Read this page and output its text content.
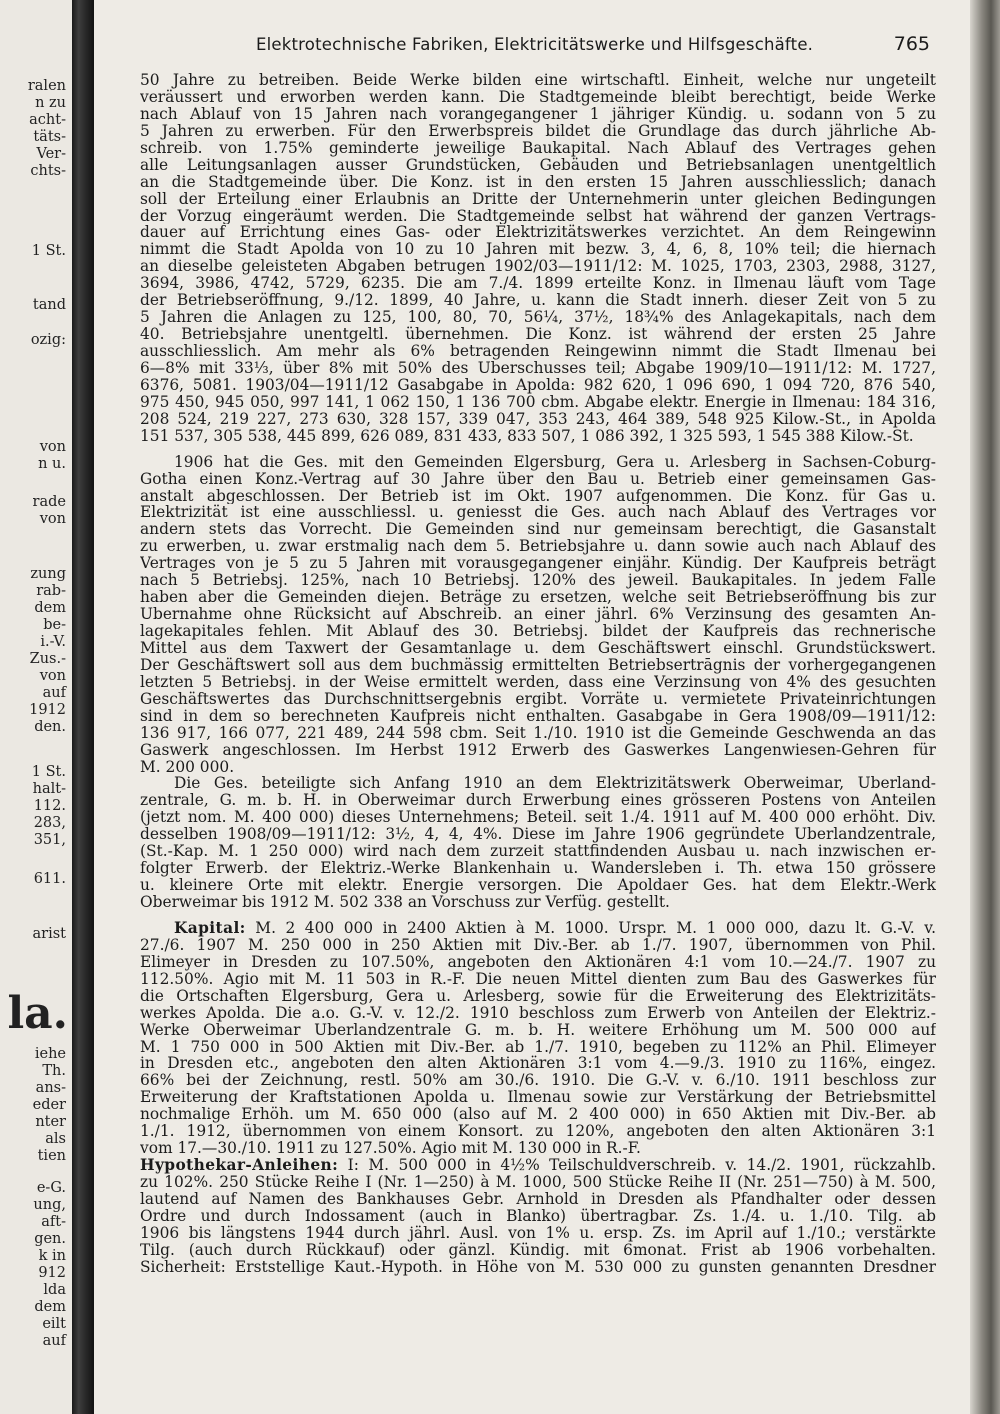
ralen
n zu
acht-
täts-
Ver-
chts-
1 St.
tand
ozig:
von
n u.
rade
von
zung
rab-
dem
be-
i.-V.
Zus.-
von
auf
1912
den.
1 St.
halt-
112.
283,
351,
611.
arist
la.
iehe
Th.
ans-
eder
nter
als
tien
e-G.
ung,
aft-
gen.
k in
912
lda
dem
eilt
auf
Elektrotechnische Fabriken, Elektricitätswerke und Hilfsgeschäfte.	765
50 Jahre zu betreiben. Beide Werke bilden eine wirtschaftl. Einheit, welche nur ungeteilt
veräussert und erworben werden kann. Die Stadtgemeinde bleibt berechtigt, beide Werke
nach Ablauf von 15 Jahren nach vorangegangener 1 jähriger Kündig. u. sodann von 5 zu
5 Jahren zu erwerben. Für den Erwerbspreis bildet die Grundlage das durch jährliche Ab-
schreib. von 1.75% geminderte jeweilige Baukapital. Nach Ablauf des Vertrages gehen
alle Leitungsanlagen ausser Grundstücken, Gebäuden und Betriebsanlagen unentgeltlich
an die Stadtgemeinde über. Die Konz. ist in den ersten 15 Jahren ausschliesslich; danach
soll der Erteilung einer Erlaubnis an Dritte der Unternehmerin unter gleichen Bedingungen
der Vorzug eingeräumt werden. Die Stadtgemeinde selbst hat während der ganzen Vertrags-
dauer auf Errichtung eines Gas- oder Elektrizitätswerkes verzichtet. An dem Reingewinn
nimmt die Stadt Apolda von 10 zu 10 Jahren mit bezw. 3, 4, 6, 8, 10% teil; die hiernach
an dieselbe geleisteten Abgaben betrugen 1902/03—1911/12: M. 1025, 1703, 2303, 2988, 3127,
3694, 3986, 4742, 5729, 6235. Die am 7./4. 1899 erteilte Konz. in Ilmenau läuft vom Tage
der Betriebseröffnung, 9./12. 1899, 40 Jahre, u. kann die Stadt innerh. dieser Zeit von 5 zu
5 Jahren die Anlagen zu 125, 100, 80, 70, 56¼, 37½, 18¾% des Anlagekapitals, nach dem
40. Betriebsjahre unentgeltl. übernehmen. Die Konz. ist während der ersten 25 Jahre
ausschliesslich. Am mehr als 6% betragenden Reingewinn nimmt die Stadt Ilmenau bei
6—8% mit 33⅓, über 8% mit 50% des Überschusses teil; Abgabe 1909/10—1911/12: M. 1727,
6376, 5081. 1903/04—1911/12 Gasabgabe in Apolda: 982 620, 1 096 690, 1 094 720, 876 540,
975 450, 945 050, 997 141, 1 062 150, 1 136 700 cbm. Abgabe elektr. Energie in Ilmenau: 184 316,
208 524, 219 227, 273 630, 328 157, 339 047, 353 243, 464 389, 548 925 Kilow.-St., in Apolda
151 537, 305 538, 445 899, 626 089, 831 433, 833 507, 1 086 392, 1 325 593, 1 545 388 Kilow.-St.
1906 hat die Ges. mit den Gemeinden Elgersburg, Gera u. Arlesberg in Sachsen-Coburg-
Gotha einen Konz.-Vertrag auf 30 Jahre über den Bau u. Betrieb einer gemeinsamen Gas-
anstalt abgeschlossen. Der Betrieb ist im Okt. 1907 aufgenommen. Die Konz. für Gas u.
Elektrizität ist eine ausschliessl. u. geniesst die Ges. auch nach Ablauf des Vertrages vor
andern stets das Vorrecht. Die Gemeinden sind nur gemeinsam berechtigt, die Gasanstalt
zu erwerben, u. zwar erstmalig nach dem 5. Betriebsjahre u. dann sowie auch nach Ablauf des
Vertrages von je 5 zu 5 Jahren mit vorausgegangener einjähr. Kündig. Der Kaufpreis beträgt
nach 5 Betriebsj. 125%, nach 10 Betriebsj. 120% des jeweil. Baukapitales. In jedem Falle
haben aber die Gemeinden diejen. Beträge zu ersetzen, welche seit Betriebseröffnung bis zur
Übernahme ohne Rücksicht auf Abschreib. an einer jährl. 6% Verzinsung des gesamten An-
lagekapitales fehlen. Mit Ablauf des 30. Betriebsj. bildet der Kaufpreis das rechnerische
Mittel aus dem Taxwert der Gesamtanlage u. dem Geschäftswert einschl. Grundstückswert.
Der Geschäftswert soll aus dem buchmässig ermittelten Betriebsertrāgnis der vorhergegangenen
letzten 5 Betriebsj. in der Weise ermittelt werden, dass eine Verzinsung von 4% des gesuchten
Geschäftswertes das Durchschnittsergebnis ergibt. Vorräte u. vermietete Privateinrichtungen
sind in dem so berechneten Kaufpreis nicht enthalten. Gasabgabe in Gera 1908/09—1911/12:
136 917, 166 077, 221 489, 244 598 cbm. Seit 1./10. 1910 ist die Gemeinde Geschwenda an das
Gaswerk angeschlossen. Im Herbst 1912 Erwerb des Gaswerkes Langenwiesen-Gehren für
M. 200 000.
Die Ges. beteiligte sich Anfang 1910 an dem Elektrizitätswerk Oberweimar, Überland-
zentrale, G. m. b. H. in Oberweimar durch Erwerbung eines grösseren Postens von Anteilen
(jetzt nom. M. 400 000) dieses Unternehmens; Beteil. seit 1./4. 1911 auf M. 400 000 erhöht. Div.
desselben 1908/09—1911/12: 3½, 4, 4, 4%. Diese im Jahre 1906 gegründete Überlandzentrale,
(St.-Kap. M. 1 250 000) wird nach dem zurzeit stattfindenden Ausbau u. nach inzwischen er-
folgter Erwerb. der Elektriz.-Werke Blankenhain u. Wandersleben i. Th. etwa 150 grössere
u. kleinere Orte mit elektr. Energie versorgen. Die Apoldaer Ges. hat dem Elektr.-Werk
Oberweimar bis 1912 M. 502 338 an Vorschuss zur Verfüg. gestellt.
Kapital: M. 2 400 000 in 2400 Aktien à M. 1000. Urspr. M. 1 000 000, dazu lt. G.-V. v.
27./6. 1907 M. 250 000 in 250 Aktien mit Div.-Ber. ab 1./7. 1907, übernommen von Phil.
Elimeyer in Dresden zu 107.50%, angeboten den Aktionären 4:1 vom 10.—24./7. 1907 zu
112.50%. Agio mit M. 11 503 in R.-F. Die neuen Mittel dienten zum Bau des Gaswerkes für
die Ortschaften Elgersburg, Gera u. Arlesberg, sowie für die Erweiterung des Elektrizitäts-
werkes Apolda. Die a.o. G.-V. v. 12./2. 1910 beschloss zum Erwerb von Anteilen der Elektriz.-
Werke Oberweimar Überlandzentrale G. m. b. H. weitere Erhöhung um M. 500 000 auf
M. 1 750 000 in 500 Aktien mit Div.-Ber. ab 1./7. 1910, begeben zu 112% an Phil. Elimeyer
in Dresden etc., angeboten den alten Aktionären 3:1 vom 4.—9./3. 1910 zu 116%, eingez.
66% bei der Zeichnung, restl. 50% am 30./6. 1910. Die G.-V. v. 6./10. 1911 beschloss zur
Erweiterung der Kraftstationen Apolda u. Ilmenau sowie zur Verstärkung der Betriebsmittel
nochmalige Erhöh. um M. 650 000 (also auf M. 2 400 000) in 650 Aktien mit Div.-Ber. ab
1./1. 1912, übernommen von einem Konsort. zu 120%, angeboten den alten Aktionären 3:1
vom 17.—30./10. 1911 zu 127.50%. Agio mit M. 130 000 in R.-F.
Hypothekar-Anleihen: I: M. 500 000 in 4½% Teilschuldverschreib. v. 14./2. 1901, rückzahlb.
zu 102%. 250 Stücke Reihe I (Nr. 1—250) à M. 1000, 500 Stücke Reihe II (Nr. 251—750) à M. 500,
lautend auf Namen des Bankhauses Gebr. Arnhold in Dresden als Pfandhalter oder dessen
Ordre und durch Indossament (auch in Blanko) übertragbar. Zs. 1./4. u. 1./10. Tilg. ab
1906 bis längstens 1944 durch jährl. Ausl. von 1% u. ersp. Zs. im April auf 1./10.; verstärkte
Tilg. (auch durch Rückkauf) oder gänzl. Kündig. mit 6monat. Frist ab 1906 vorbehalten.
Sicherheit: Erststellige Kaut.-Hypoth. in Höhe von M. 530 000 zu gunsten genannten Dresdner
